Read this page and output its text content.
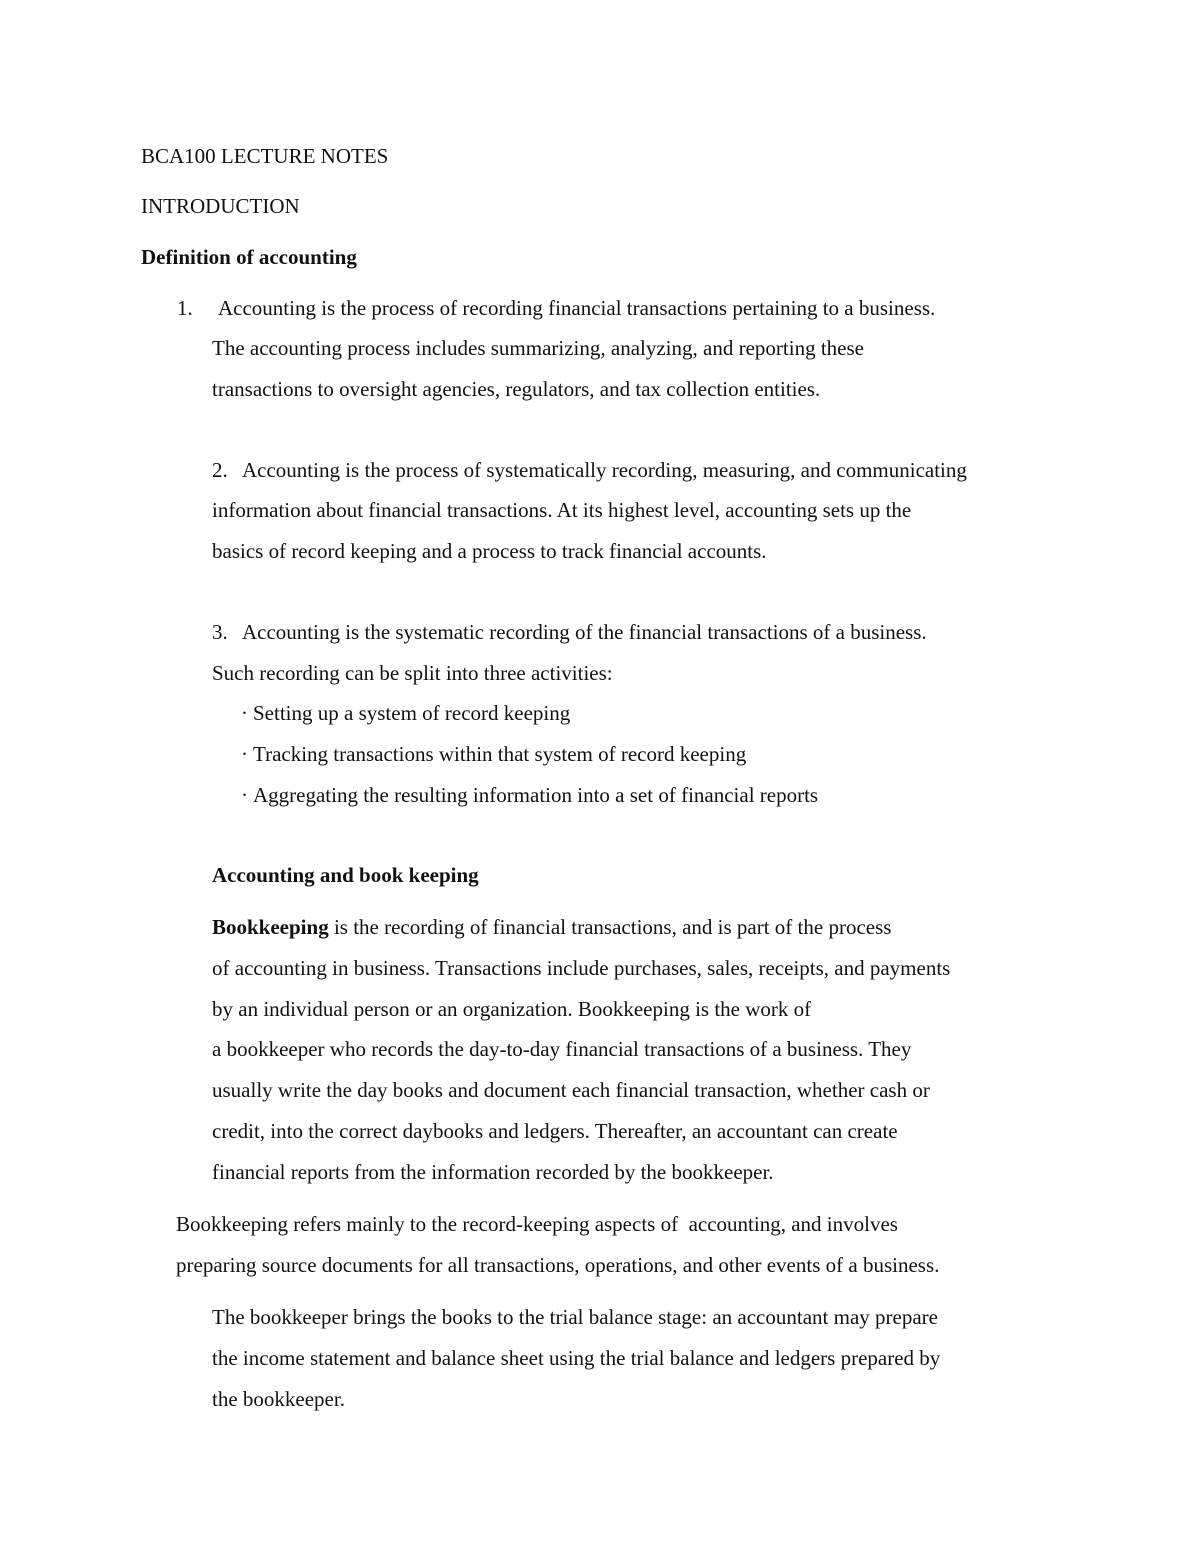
BCA100 LECTURE NOTES
INTRODUCTION
Definition of accounting
1. Accounting is the process of recording financial transactions pertaining to a business.
The accounting process includes summarizing, analyzing, and reporting these
transactions to oversight agencies, regulators, and tax collection entities.
2. Accounting is the process of systematically recording, measuring, and communicating
information about financial transactions. At its highest level, accounting sets up the
basics of record keeping and a process to track financial accounts.
3. Accounting is the systematic recording of the financial transactions of a business.
Such recording can be split into three activities:
· Setting up a system of record keeping
· Tracking transactions within that system of record keeping
· Aggregating the resulting information into a set of financial reports
Accounting and book keeping
Bookkeeping is the recording of financial transactions, and is part of the process
of accounting in business. Transactions include purchases, sales, receipts, and payments
by an individual person or an organization. Bookkeeping is the work of
a bookkeeper who records the day-to-day financial transactions of a business. They
usually write the day books and document each financial transaction, whether cash or
credit, into the correct daybooks and ledgers. Thereafter, an accountant can create
financial reports from the information recorded by the bookkeeper.
Bookkeeping refers mainly to the record-keeping aspects of  accounting, and involves
preparing source documents for all transactions, operations, and other events of a business.
The bookkeeper brings the books to the trial balance stage: an accountant may prepare
the income statement and balance sheet using the trial balance and ledgers prepared by
the bookkeeper.
